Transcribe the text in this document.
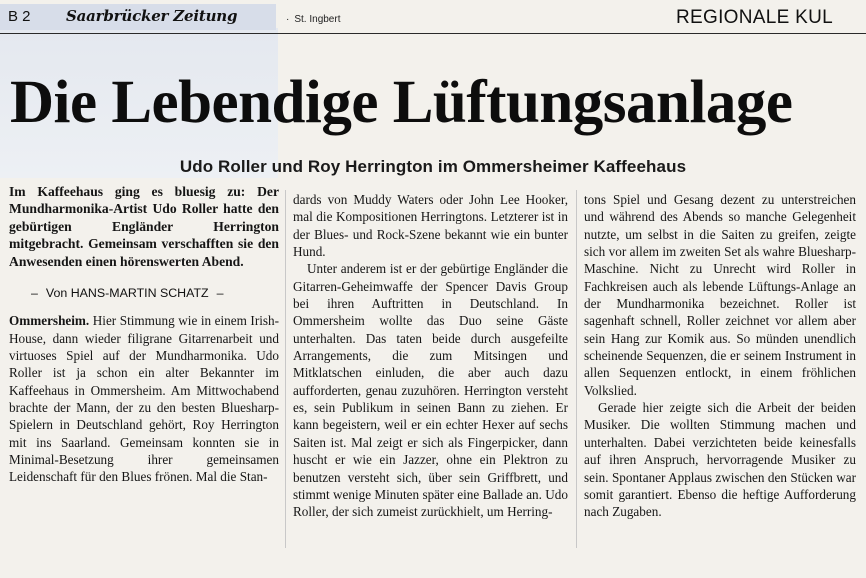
B 2 Saarbrücker Zeitung
·	St. Ingbert	REGIONALE KUL
Die Lebendige Lüftungsanlage
Udo Roller und Roy Herrington im Ommersheimer Kaffeehaus

Im Kaffeehaus ging es bluesig zu: Der Mundharmonika-Artist Udo Roller hatte den gebürtigen Engländer Herrington mitgebracht. Gemeinsam verschafften sie den Anwesenden einen hörenswerten Abend.

– Von HANS-MARTIN SCHATZ –

Ommersheim. Hier Stimmung wie in einem Irish-House, dann wieder filigrane Gitarrenarbeit und virtuoses Spiel auf der Mundharmonika. Udo Roller ist ja schon ein alter Bekannter im Kaffeehaus in Ommersheim. Am Mittwochabend brachte der Mann, der zu den besten Bluesharp-Spielern in Deutschland gehört, Roy Herrington mit ins Saarland. Gemeinsam konnten sie in Minimal-Besetzung ihrer gemeinsamen Leidenschaft für den Blues frönen. Mal die Stan-

dards von Muddy Waters oder John Lee Hooker, mal die Kompositionen Herringtons. Letzterer ist in der Blues- und Rock-Szene bekannt wie ein bunter Hund.

Unter anderem ist er der gebürtige Engländer die Gitarren-Geheimwaffe der Spencer Davis Group bei ihren Auftritten in Deutschland. In Ommersheim wollte das Duo seine Gäste unterhalten. Das taten beide durch ausgefeilte Arrangements, die zum Mitsingen und Mitklatschen einluden, die aber auch dazu aufforderten, genau zuzuhören. Herrington versteht es, sein Publikum in seinen Bann zu ziehen. Er kann begeistern, weil er ein echter Hexer auf sechs Saiten ist. Mal zeigt er sich als Fingerpicker, dann huscht er wie ein Jazzer, ohne ein Plektron zu benutzen versteht sich, über sein Griffbrett, und stimmt wenige Minuten später eine Ballade an. Udo Roller, der sich zumeist zurückhielt, um Herring-

tons Spiel und Gesang dezent zu unterstreichen und während des Abends so manche Gelegenheit nutzte, um selbst in die Saiten zu greifen, zeigte sich vor allem im zweiten Set als wahre Bluesharp-Maschine. Nicht zu Unrecht wird Roller in Fachkreisen auch als lebende Lüftungs-Anlage an der Mundharmonika bezeichnet. Roller ist sagenhaft schnell, Roller zeichnet vor allem aber sein Hang zur Komik aus. So münden unendlich scheinende Sequenzen, die er seinem Instrument in allen Sequenzen entlockt, in einem fröhlichen Volkslied.

Gerade hier zeigte sich die Arbeit der beiden Musiker. Die wollten Stimmung machen und unterhalten. Dabei verzichteten beide keinesfalls auf ihren Anspruch, hervorragende Musiker zu sein. Spontaner Applaus zwischen den Stücken war somit garantiert. Ebenso die heftige Aufforderung nach Zugaben.
